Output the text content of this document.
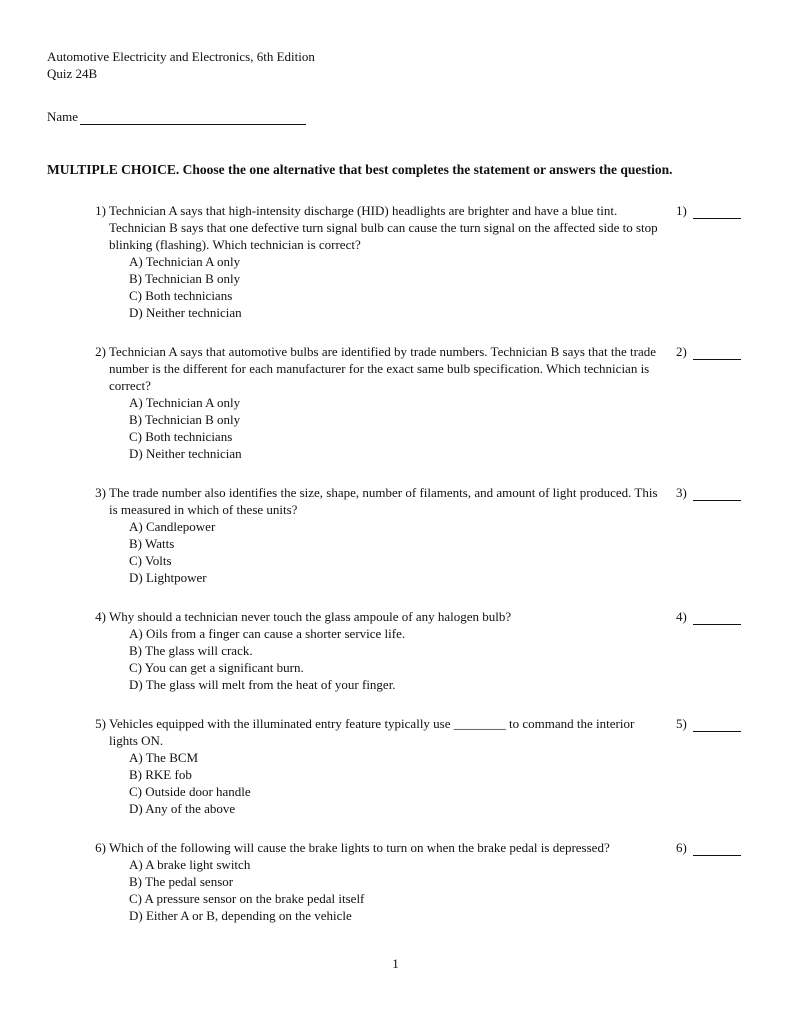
Automotive Electricity and Electronics, 6th Edition
Quiz 24B
Name
MULTIPLE CHOICE. Choose the one alternative that best completes the statement or answers the question.
1) Technician A says that high-intensity discharge (HID) headlights are brighter and have a blue tint. Technician B says that one defective turn signal bulb can cause the turn signal on the affected side to stop blinking (flashing). Which technician is correct?
A) Technician A only
B) Technician B only
C) Both technicians
D) Neither technician
1)
2) Technician A says that automotive bulbs are identified by trade numbers. Technician B says that the trade number is the different for each manufacturer for the exact same bulb specification. Which technician is correct?
A) Technician A only
B) Technician B only
C) Both technicians
D) Neither technician
2)
3) The trade number also identifies the size, shape, number of filaments, and amount of light produced. This is measured in which of these units?
A) Candlepower
B) Watts
C) Volts
D) Lightpower
3)
4) Why should a technician never touch the glass ampoule of any halogen bulb?
A) Oils from a finger can cause a shorter service life.
B) The glass will crack.
C) You can get a significant burn.
D) The glass will melt from the heat of your finger.
4)
5) Vehicles equipped with the illuminated entry feature typically use ________ to command the interior lights ON.
A) The BCM
B) RKE fob
C) Outside door handle
D) Any of the above
5)
6) Which of the following will cause the brake lights to turn on when the brake pedal is depressed?
A) A brake light switch
B) The pedal sensor
C) A pressure sensor on the brake pedal itself
D) Either A or B, depending on the vehicle
6)
1
